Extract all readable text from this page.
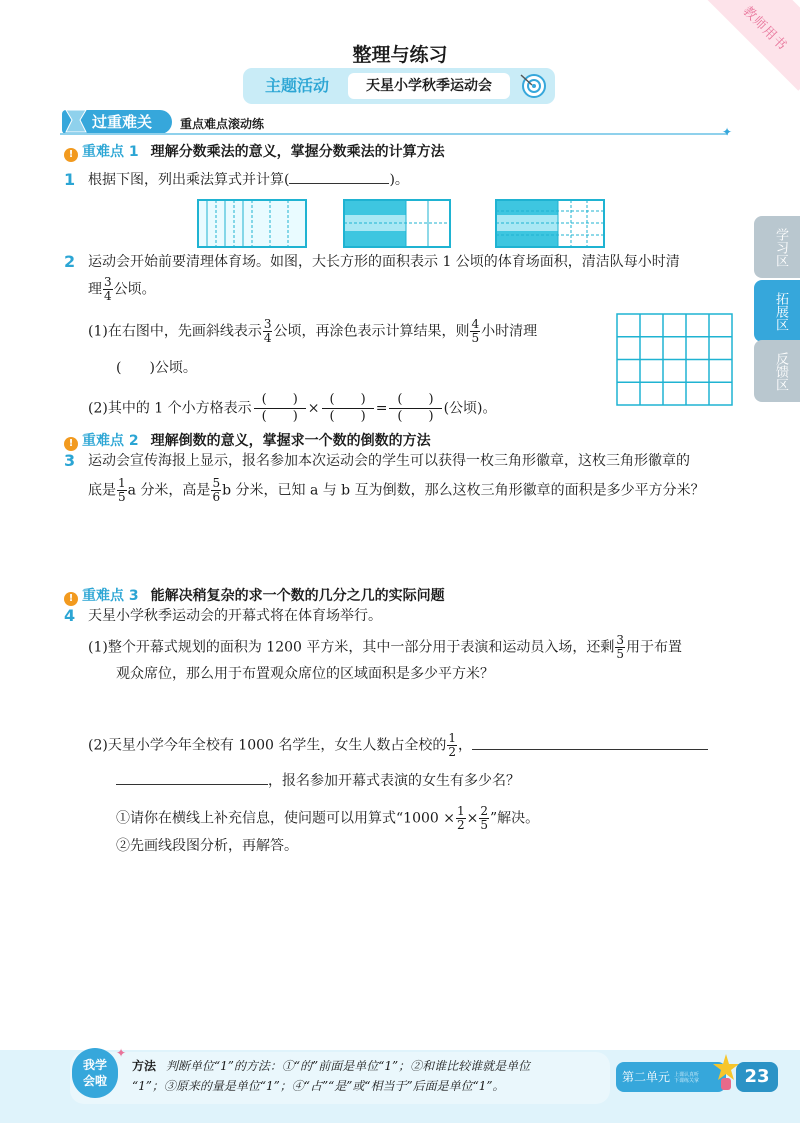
教师用书
整理与练习
主题活动	天星小学秋季运动会
过重难关	重点难点滚动练
✦
学习区
拓展区
反馈区
! 重难点 1 理解分数乘法的意义，掌握分数乘法的计算方法
1 根据下图，列出乘法算式并计算(	)。
2 运动会开始前要清理体育场。如图，大长方形的面积表示 1 公顷的体育场面积，清洁队每小时清
理 $\frac{3}{4}$ 公顷。
(1)在右图中，先画斜线表示 $\frac{3}{4}$ 公顷，再涂色表示计算结果，则 $\frac{4}{5}$ 小时清理
(　　)公顷。
(2)其中的 1 个小方格表示
(　　)
(　　) ×
(　　)
(　　) =
(　　)
(　　) (公顷)。
! 重难点 2 理解倒数的意义，掌握求一个数的倒数的方法
3 运动会宣传海报上显示，报名参加本次运动会的学生可以获得一枚三角形徽章，这枚三角形徽章的
底是 $\frac{1}{5}$ a 分米，高是 $\frac{5}{6}$ b 分米，已知 a 与 b 互为倒数，那么这枚三角形徽章的面积是多少平方分米？
! 重难点 3 能解决稍复杂的求一个数的几分之几的实际问题
4 天星小学秋季运动会的开幕式将在体育场举行。
(1)整个开幕式规划的面积为 1200 平方米，其中一部分用于表演和运动员入场，还剩 $\frac{3}{5}$ 用于布置
观众席位，那么用于布置观众席位的区域面积是多少平方米？
(2)天星小学今年全校有 1000 名学生，女生人数占全校的 $\frac{1}{2}$ ，
，报名参加开幕式表演的女生有多少名？
①请你在横线上补充信息，使问题可以用算式“$1000 \times \frac{1}{2} \times \frac{2}{5}$ ”解决。
②先画线段图分析，再解答。
我学
会啦
✦
方法 判断单位“1”的方法：①“的”前面是单位“1”；②和谁比较谁就是单位
“1”；③原来的量是单位“1”；④“占”“是”或“相当于”后面是单位“1”。
第二单元 上课认真听
下课练关掌	23
